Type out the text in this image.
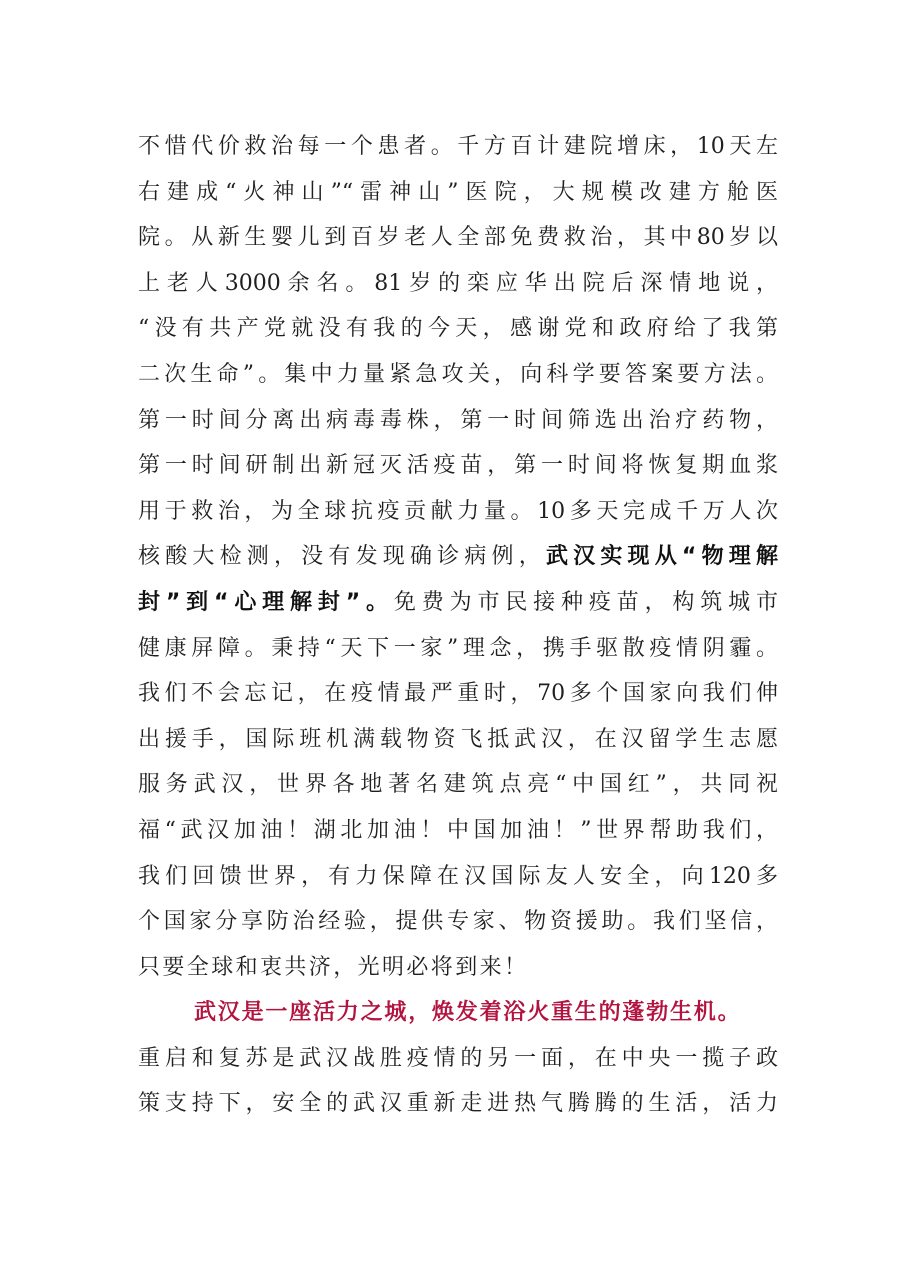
不惜代价救治每一个患者。千方百计建院增床，10天左
右建成“火神山”“雷神山”医院，大规模改建方舱医
院。从新生婴儿到百岁老人全部免费救治，其中80岁以
上老人3000余名。81岁的栾应华出院后深情地说，
“没有共产党就没有我的今天，感谢党和政府给了我第
二次生命”。集中力量紧急攻关，向科学要答案要方法。
第一时间分离出病毒毒株，第一时间筛选出治疗药物，
第一时间研制出新冠灭活疫苗，第一时间将恢复期血浆
用于救治，为全球抗疫贡献力量。10多天完成千万人次
核酸大检测，没有发现确诊病例，武汉实现从“物理解
封”到“心理解封”。免费为市民接种疫苗，构筑城市
健康屏障。秉持“天下一家”理念，携手驱散疫情阴霾。
我们不会忘记，在疫情最严重时，70多个国家向我们伸
出援手，国际班机满载物资飞抵武汉，在汉留学生志愿
服务武汉，世界各地著名建筑点亮“中国红”，共同祝
福“武汉加油！湖北加油！中国加油！”世界帮助我们，
我们回馈世界，有力保障在汉国际友人安全，向120多
个国家分享防治经验，提供专家、物资援助。我们坚信，
只要全球和衷共济，光明必将到来！
武汉是一座活力之城，焕发着浴火重生的蓬勃生机。
重启和复苏是武汉战胜疫情的另一面，在中央一揽子政
策支持下，安全的武汉重新走进热气腾腾的生活，活力
